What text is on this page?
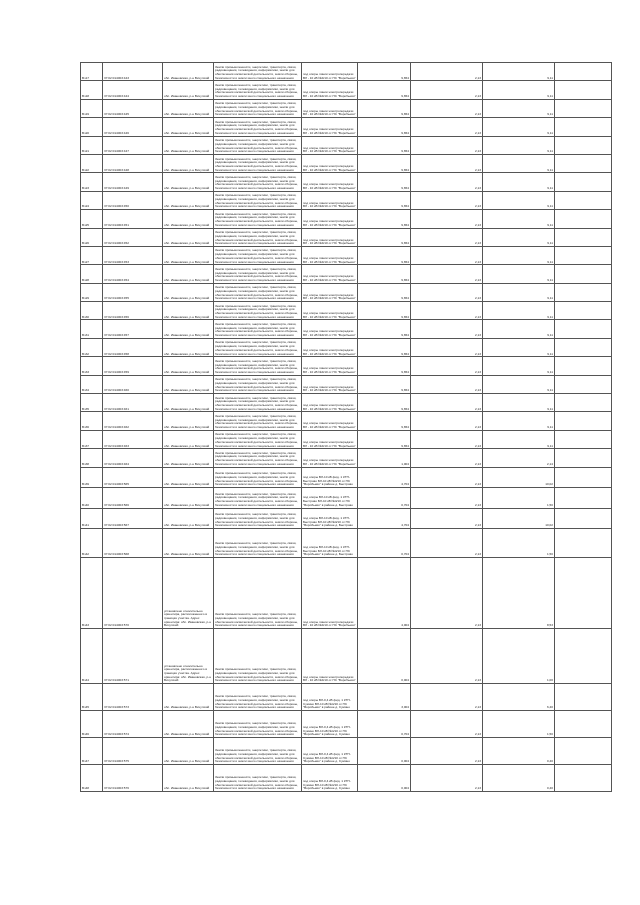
Вч17	37:02:014003:443	обл. Ивановская, р-н Вичугский	Земли промышленности, энергетики, транспорта, связи, радиовещания, телевидения, информатики, земли для обеспечения космической деятельности, земли обороны, безопасности и земли иного специального назначения	под опоры линии электропередачи ВЛ - 10 кВ №4/10 от ПС "Воробьево"	9,654	2,13	9,11	
Вч18	37:02:014003:444	обл. Ивановская, р-н Вичугский	Земли промышленности, энергетики, транспорта, связи, радиовещания, телевидения, информатики, земли для обеспечения космической деятельности, земли обороны, безопасности и земли иного специального назначения	под опоры линии электропередачи ВЛ - 10 кВ №4/10 от ПС "Воробьево"	9,654	2,13	9,11	
Вч19	37:02:014003:445	обл. Ивановская, р-н Вичугский	Земли промышленности, энергетики, транспорта, связи, радиовещания, телевидения, информатики, земли для обеспечения космической деятельности, земли обороны, безопасности и земли иного специального назначения	под опоры линии электропередачи ВЛ - 10 кВ №4/10 от ПС "Воробьево"	9,654	2,13	9,11	
Вч20	37:02:014003:446	обл. Ивановская, р-н Вичугский	Земли промышленности, энергетики, транспорта, связи, радиовещания, телевидения, информатики, земли для обеспечения космической деятельности, земли обороны, безопасности и земли иного специального назначения	под опоры линии электропередачи ВЛ - 10 кВ №4/10 от ПС "Воробьево"	9,654	2,13	9,11	
Вч21	37:02:014003:447	обл. Ивановская, р-н Вичугский	Земли промышленности, энергетики, транспорта, связи, радиовещания, телевидения, информатики, земли для обеспечения космической деятельности, земли обороны, безопасности и земли иного специального назначения	под опоры линии электропередачи ВЛ - 10 кВ №4/10 от ПС "Воробьево"	9,654	2,13	9,11	
Вч22	37:02:014003:448	обл. Ивановская, р-н Вичугский	Земли промышленности, энергетики, транспорта, связи, радиовещания, телевидения, информатики, земли для обеспечения космической деятельности, земли обороны, безопасности и земли иного специального назначения	под опоры линии электропередачи ВЛ - 10 кВ №4/10 от ПС "Воробьево"	9,654	2,13	9,11	
Вч23	37:02:014003:449	обл. Ивановская, р-н Вичугский	Земли промышленности, энергетики, транспорта, связи, радиовещания, телевидения, информатики, земли для обеспечения космической деятельности, земли обороны, безопасности и земли иного специального назначения	под опоры линии электропередачи ВЛ - 10 кВ №4/10 от ПС "Воробьево"	9,654	2,13	9,11	
Вч24	37:02:014003:450	обл. Ивановская, р-н Вичугский	Земли промышленности, энергетики, транспорта, связи, радиовещания, телевидения, информатики, земли для обеспечения космической деятельности, земли обороны, безопасности и земли иного специального назначения	под опоры линии электропередачи ВЛ - 10 кВ №4/10 от ПС "Воробьево"	9,654	2,13	9,11	
Вч25	37:02:014003:451	обл. Ивановская, р-н Вичугский	Земли промышленности, энергетики, транспорта, связи, радиовещания, телевидения, информатики, земли для обеспечения космической деятельности, земли обороны, безопасности и земли иного специального назначения	под опоры линии электропередачи ВЛ - 10 кВ №4/10 от ПС "Воробьево"	9,654	2,13	9,11	
Вч26	37:02:014003:452	обл. Ивановская, р-н Вичугский	Земли промышленности, энергетики, транспорта, связи, радиовещания, телевидения, информатики, земли для обеспечения космической деятельности, земли обороны, безопасности и земли иного специального назначения	под опоры линии электропередачи ВЛ - 10 кВ №4/10 от ПС "Воробьево"	9,654	2,13	9,11	
Вч27	37:02:014003:453	обл. Ивановская, р-н Вичугский	Земли промышленности, энергетики, транспорта, связи, радиовещания, телевидения, информатики, земли для обеспечения космической деятельности, земли обороны, безопасности и земли иного специального назначения	под опоры линии электропередачи ВЛ - 10 кВ №4/10 от ПС "Воробьево"	9,654	2,13	9,11	
Вч28	37:02:014003:454	обл. Ивановская, р-н Вичугский	Земли промышленности, энергетики, транспорта, связи, радиовещания, телевидения, информатики, земли для обеспечения космической деятельности, земли обороны, безопасности и земли иного специального назначения	под опоры линии электропередачи ВЛ - 10 кВ №4/10 от ПС "Воробьево"	9,654	2,13	9,11	
Вч29	37:02:014003:455	обл. Ивановская, р-н Вичугский	Земли промышленности, энергетики, транспорта, связи, радиовещания, телевидения, информатики, земли для обеспечения космической деятельности, земли обороны, безопасности и земли иного специального назначения	под опоры линии электропередачи ВЛ - 10 кВ №4/10 от ПС "Воробьево"	9,654	2,13	9,11	
Вч30	37:02:014003:456	обл. Ивановская, р-н Вичугский	Земли промышленности, энергетики, транспорта, связи, радиовещания, телевидения, информатики, земли для обеспечения космической деятельности, земли обороны, безопасности и земли иного специального назначения	под опоры линии электропередачи ВЛ - 10 кВ №4/10 от ПС "Воробьево"	9,654	2,13	9,11	
Вч31	37:02:014003:457	обл. Ивановская, р-н Вичугский	Земли промышленности, энергетики, транспорта, связи, радиовещания, телевидения, информатики, земли для обеспечения космической деятельности, земли обороны, безопасности и земли иного специального назначения	под опоры линии электропередачи ВЛ - 10 кВ №4/10 от ПС "Воробьево"	9,654	2,13	9,11	
Вч32	37:02:014003:458	обл. Ивановская, р-н Вичугский	Земли промышленности, энергетики, транспорта, связи, радиовещания, телевидения, информатики, земли для обеспечения космической деятельности, земли обороны, безопасности и земли иного специального назначения	под опоры линии электропередачи ВЛ - 10 кВ №4/10 от ПС "Воробьево"	9,654	2,13	9,11	
Вч33	37:02:014003:459	обл. Ивановская, р-н Вичугский	Земли промышленности, энергетики, транспорта, связи, радиовещания, телевидения, информатики, земли для обеспечения космической деятельности, земли обороны, безопасности и земли иного специального назначения	под опоры линии электропередачи ВЛ - 10 кВ №4/10 от ПС "Воробьево"	9,654	2,13	9,11	
Вч34	37:02:014003:460	обл. Ивановская, р-н Вичугский	Земли промышленности, энергетики, транспорта, связи, радиовещания, телевидения, информатики, земли для обеспечения космической деятельности, земли обороны, безопасности и земли иного специального назначения	под опоры линии электропередачи ВЛ - 10 кВ №4/10 от ПС "Воробьево"	9,654	2,13	9,11	
Вч35	37:02:014003:461	обл. Ивановская, р-н Вичугский	Земли промышленности, энергетики, транспорта, связи, радиовещания, телевидения, информатики, земли для обеспечения космической деятельности, земли обороны, безопасности и земли иного специального назначения	под опоры линии электропередачи ВЛ - 10 кВ №4/10 от ПС "Воробьево"	9,654	2,13	9,11	
Вч36	37:02:014003:462	обл. Ивановская, р-н Вичугский	Земли промышленности, энергетики, транспорта, связи, радиовещания, телевидения, информатики, земли для обеспечения космической деятельности, земли обороны, безопасности и земли иного специального назначения	под опоры линии электропередачи ВЛ - 10 кВ №4/10 от ПС "Воробьево"	9,654	2,13	9,11	
Вч37	37:02:014003:463	обл. Ивановская, р-н Вичугский	Земли промышленности, энергетики, транспорта, связи, радиовещания, телевидения, информатики, земли для обеспечения космической деятельности, земли обороны, безопасности и земли иного специального назначения	под опоры линии электропередачи ВЛ - 10 кВ №4/10 от ПС "Воробьево"	9,654	2,13	9,11	
Вч38	37:02:014003:464	обл. Ивановская, р-н Вичугский	Земли промышленности, энергетики, транспорта, связи, радиовещания, телевидения, информатики, земли для обеспечения космической деятельности, земли обороны, безопасности и земли иного специального назначения	под опоры линии электропередачи ВЛ - 10 кВ №4/10 от ПС "Воробьево"	1,004	2,13	2,14	
Вч39	37:02:014003:565	обл. Ивановская, р-н Вичугский	Земли промышленности, энергетики, транспорта, связи, радиовещания, телевидения, информатики, земли для обеспечения космической деятельности, земли обороны, безопасности и земли иного специального назначения	под опоры ВЛ-10 кВ фид. 1 КТП-Быстрово БЛ-10 кВ №4/10 от ПС "Воробьево" в районе д. Быстрово	4,704	2,13	10,02	
Вч40	37:02:014003:566	обл. Ивановская, р-н Вичугский	Земли промышленности, энергетики, транспорта, связи, радиовещания, телевидения, информатики, земли для обеспечения космической деятельности, земли обороны, безопасности и земли иного специального назначения	под опоры ВЛ-10 кВ фид. 1 КТП-Быстрово БЛ-10 кВ №4/10 от ПС "Воробьево" в районе д. Быстрово	0,704	2,13	1,50	
Вч41	37:02:014003:567	обл. Ивановская, р-н Вичугский	Земли промышленности, энергетики, транспорта, связи, радиовещания, телевидения, информатики, земли для обеспечения космической деятельности, земли обороны, безопасности и земли иного специального назначения	под опоры ВЛ-10 кВ фид. 1 КТП-Быстрово БЛ-10 кВ №4/10 от ПС "Воробьево" в районе д. Быстрово	4,704	2,13	10,02	
Вч42	37:02:014003:568	обл. Ивановская, р-н Вичугский	Земли промышленности, энергетики, транспорта, связи, радиовещания, телевидения, информатики, земли для обеспечения космической деятельности, земли обороны, безопасности и земли иного специального назначения	под опоры ВЛ-10 кВ фид. 1 КТП-Быстрово БЛ-10 кВ №4/10 от ПС "Воробьево" в районе д. Быстрово	0,704	2,13	1,50	
Вч43	37:02:014003:570	установлено относительно ориентира, расположенного в границах участка. Адрес ориентира: обл. Ивановская, р-н Вичугский	Земли промышленности, энергетики, транспорта, связи, радиовещания, телевидения, информатики, земли для обеспечения космической деятельности, земли обороны, безопасности и земли иного специального назначения	под опоры линии электропередачи ВЛ - 10 кВ №4/10 от ПС "Воробьево"	4,004	2,13	8,53	
Вч44	37:02:014003:571	установлено относительно ориентира, расположенного в границах участка. Адрес ориентира: обл. Ивановская, р-н Вичугский	Земли промышленности, энергетики, транспорта, связи, радиовещания, телевидения, информатики, земли для обеспечения космической деятельности, земли обороны, безопасности и земли иного специального назначения	под опоры линии электропередачи ВЛ - 10 кВ №4/10 от ПС "Воробьево"	0,004	2,13	1,00	
Вч45	37:02:014003:573	обл. Ивановская, р-н Вичугский	Земли промышленности, энергетики, транспорта, связи, радиовещания, телевидения, информатики, земли для обеспечения космической деятельности, земли обороны, безопасности и земли иного специального назначения	под опоры ВЛ-0,4 кВ фид. 1 КТП-Сумино ВЛ-10 кВ №4/10 от ПС "Воробьево" в районе д. Сумино	3,004	2,13	6,40	
Вч46	37:02:014003:574	обл. Ивановская, р-н Вичугский	Земли промышленности, энергетики, транспорта, связи, радиовещания, телевидения, информатики, земли для обеспечения космической деятельности, земли обороны, безопасности и земли иного специального назначения	под опоры ВЛ-0,4 кВ фид. 1 КТП-Сумино ВЛ-10 кВ №4/10 от ПС "Воробьево" в районе д. Сумино	0,704	2,13	1,50	
Вч47	37:02:014003:575	обл. Ивановская, р-н Вичугский	Земли промышленности, энергетики, транспорта, связи, радиовещания, телевидения, информатики, земли для обеспечения космической деятельности, земли обороны, безопасности и земли иного специального назначения	под опоры ВЛ-0,4 кВ фид. 1 КТП-Сумино ВЛ-10 кВ №4/10 от ПС "Воробьево" в районе д. Сумино	0,004	2,13	0,40	
Вч48	37:02:014003:576	обл. Ивановская, р-н Вичугский	Земли промышленности, энергетики, транспорта, связи, радиовещания, телевидения, информатики, земли для обеспечения космической деятельности, земли обороны, безопасности и земли иного специального назначения	под опоры ВЛ-0,4 кВ фид. 1 КТП-Сумино ВЛ-10 кВ №4/10 от ПС "Воробьево" в районе д. Сумино	0,004	2,13	0,40	
